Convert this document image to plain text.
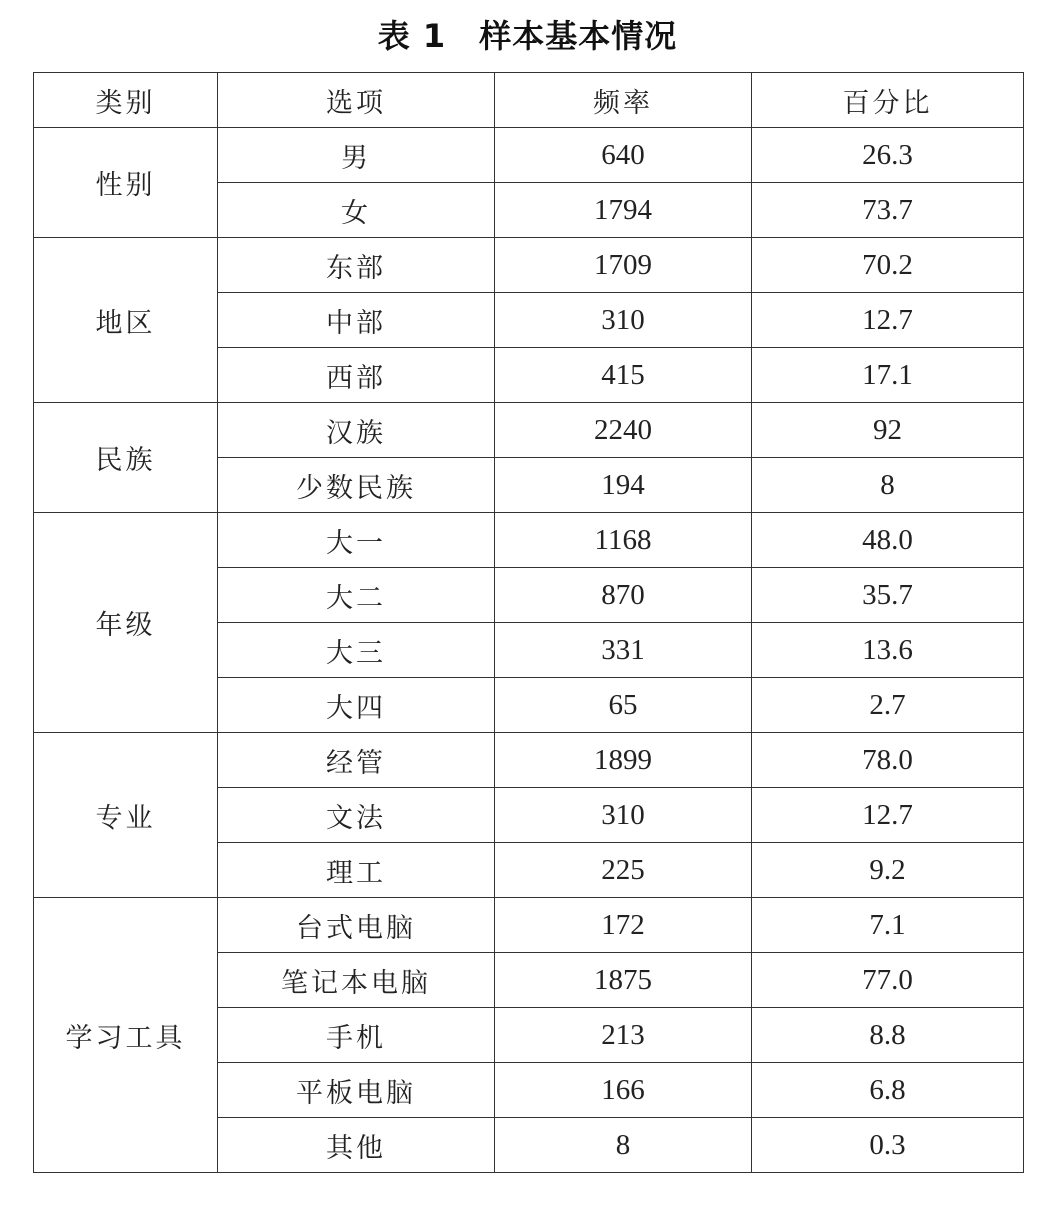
表 1　样本基本情况
类别	选项	频率	百分比
性别	男	640	26.3
	女	1794	73.7
地区	东部	1709	70.2
	中部	310	12.7
	西部	415	17.1
民族	汉族	2240	92
	少数民族	194	8
年级	大一	1168	48.0
	大二	870	35.7
	大三	331	13.6
	大四	65	2.7
专业	经管	1899	78.0
	文法	310	12.7
	理工	225	9.2
学习工具	台式电脑	172	7.1
	笔记本电脑	1875	77.0
	手机	213	8.8
	平板电脑	166	6.8
	其他	8	0.3
